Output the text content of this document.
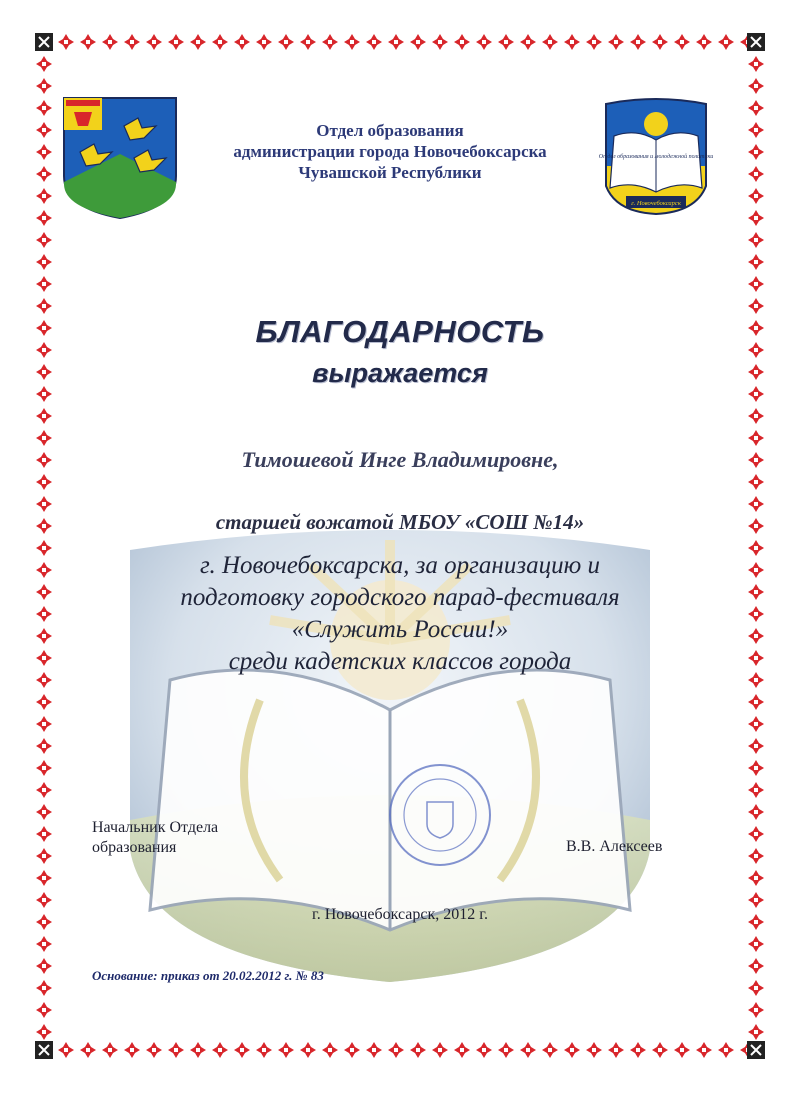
Отдел образования и молодежной политики
г. Новочебоксарск
Отдел образования
администрации города Новочебоксарска
Чувашской Республики
БЛАГОДАРНОСТЬ
выражается
Тимошевой Инге Владимировне,
старшей вожатой МБОУ «СОШ №14»
г. Новочебоксарска, за организацию и
подготовку городского парад-фестиваля
«Служить России!»
среди кадетских классов города
Начальник Отдела
образования	В.В. Алексеев
г. Новочебоксарск, 2012 г.
Основание: приказ от 20.02.2012 г. № 83
